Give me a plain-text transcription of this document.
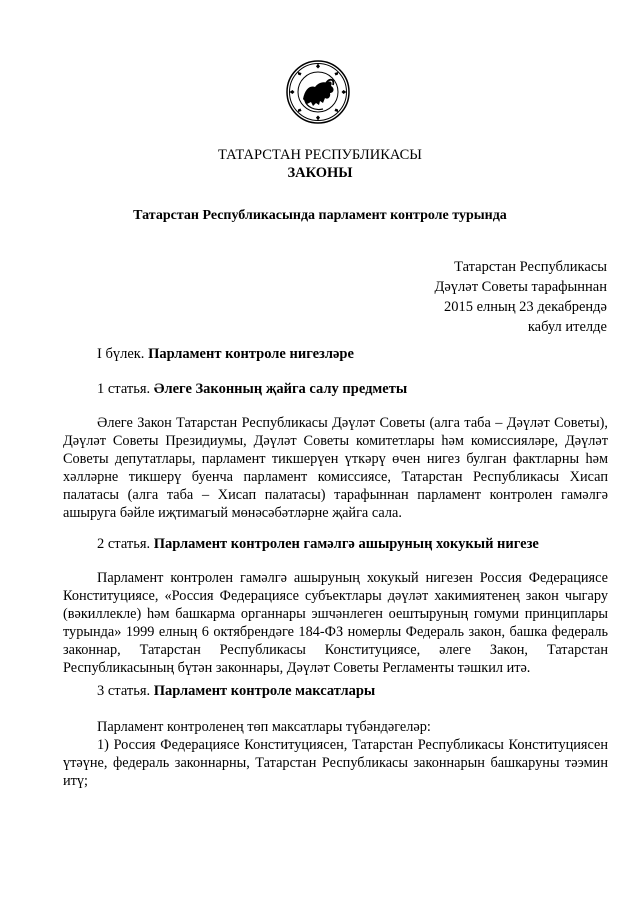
ТАТАРСТАН РЕСПУБЛИКАСЫ
ЗАКОНЫ
Татарстан Республикасында парламент контроле турында
Татарстан Республикасы
Дәүләт Советы тарафыннан
2015 елның 23 декабрендә
кабул ителде
I бүлек. Парламент контроле нигезләре
1 статья. Әлеге Законның җайга салу предметы

Әлеге Закон Татарстан Республикасы Дәүләт Советы (алга таба – Дәүләт Советы), Дәүләт Советы Президиумы, Дәүләт Советы комитетлары һәм комиссияләре, Дәүләт Советы депутатлары, парламент тикшерүен үткәрү өчен нигез булган фактларны һәм хәлләрне тикшерү буенча парламент комиссиясе, Татарстан Республикасы Хисап палатасы (алга таба – Хисап палатасы) тарафыннан парламент контролен гамәлгә ашыруга бәйле иҗтимагый мөнәсәбәтләрне җайга сала.

2 статья. Парламент контролен гамәлгә ашыруның хокукый нигезе

Парламент контролен гамәлгә ашыруның хокукый нигезен Россия Федерациясе Конституциясе, «Россия Федерациясе субъектлары дәүләт хакимиятенең закон чыгару (вәкиллекле) һәм башкарма органнары эшчәнлеген оештыруның гомуми принциплары турында» 1999 елның 6 октябрендәге 184-ФЗ номерлы Федераль закон, башка федераль законнар, Татарстан Республикасы Конституциясе, әлеге Закон, Татарстан Республикасының бүтән законнары, Дәүләт Советы Регламенты тәшкил итә.

3 статья. Парламент контроле максатлары

Парламент контроленең төп максатлары түбәндәгеләр:

1) Россия Федерациясе Конституциясен, Татарстан Республикасы Конституциясен үтәүне, федераль законнарны, Татарстан Республикасы законнарын башкаруны тәэмин итү;
